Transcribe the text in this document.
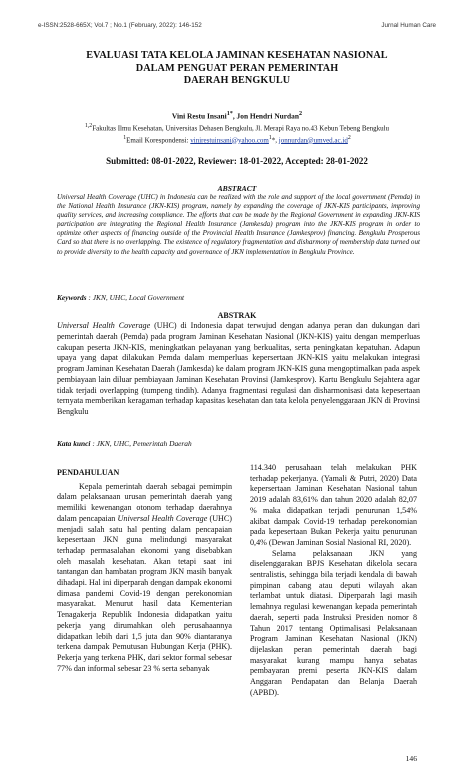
e-ISSN:2528-665X; Vol.7 ; No.1 (February, 2022): 146-152	Jurnal Human Care
EVALUASI TATA KELOLA JAMINAN KESEHATAN NASIONAL
DALAM PENGUAT PERAN PEMERINTAH
DAERAH BENGKULU
Vini Restu Insani$^{1*}$, Jon Hendri Nurdan$^2$
$^{1,2}$Fakultas Ilmu Kesehatan, Universitas Dehasen Bengkulu, Jl. Merapi Raya no.43 Kebun Tebeng Bengkulu
$^1$Email Korespondensi: vinirestuinsani@yahoo.com$^1$*, $jonnurdan@umved.ac.id^2$
Submitted: 08-01-2022, Reviewer: 18-01-2022, Accepted: 28-01-2022
ABSTRACT

Universal Health Coverage (UHC) in Indonesia can be realized with the role and support of the local government (Pemda) in the National Health Insurance (JKN-KIS) program, namely by expanding the coverage of JKN-KIS participants, improving quality services, and increasing compliance. The efforts that can be made by the Regional Government in expanding JKN-KIS participation are integrating the Regional Health Insurance (Jamkesda) program into the JKN-KIS program in order to optimize other aspects of financing outside of the Provincial Health Insurance (Jamkesprov) financing. Bengkulu Prosperous Card so that there is no overlapping. The existence of regulatory fragmentation and disharmony of membership data turned out to provide diversity to the health capacity and governance of JKN implementation in Bengkulu Province.

Keywords : JKN, UHC, Local Government
ABSTRAK

Universal Health Coverage (UHC) di Indonesia dapat terwujud dengan adanya peran dan dukungan dari pemerintah daerah (Pemda) pada program Jaminan Kesehatan Nasional (JKN-KIS) yaitu dengan memperluas cakupan peserta JKN-KIS, meningkatkan pelayanan yang berkualitas, serta peningkatan kepatuhan. Adapun upaya yang dapat dilakukan Pemda dalam memperluas kepersertaan JKN-KIS yaitu melakukan integrasi program Jaminan Kesehatan Daerah (Jamkesda) ke dalam program JKN-KIS guna mengoptimalkan pada aspek pembiayaan lain diluar pembiayaan Jaminan Kesehatan Provinsi (Jamkesprov). Kartu Bengkulu Sejahtera agar tidak terjadi overlapping (tumpeng tindih). Adanya fragmentasi regulasi dan disharmonisasi data kepesertaan ternyata memberikan keragaman terhadap kapasitas kesehatan dan tata kelola penyelenggaraan JKN di Provinsi Bengkulu

Kata kunci : JKN, UHC, Pemerintah Daerah
PENDAHULUAN

Kepala pemerintah daerah sebagai pemimpin dalam pelaksanaan urusan pemerintah daerah yang memiliki kewenangan otonom terhadap daerahnya dalam pencapaian Universal Health Coverage (UHC) menjadi salah satu hal penting dalam pencapaian kepesertaan JKN guna melindungi masyarakat terhadap permasalahan ekonomi yang disebabkan oleh masalah kesehatan. Akan tetapi saat ini tantangan dan hambatan program JKN masih banyak dihadapi. Hal ini diperparah dengan dampak ekonomi dimasa pandemi Covid-19 dengan perekonomian masyarakat. Menurut hasil data Kementerian Tenagakerja Republik Indonesia didapatkan yaitu pekerja yang dirumahkan oleh perusahaannya didapatkan lebih dari 1,5 juta dan 90% diantaranya terkena dampak Pemutusan Hubungan Kerja (PHK). Pekerja yang terkena PHK, dari sektor formal sebesar 77% dan informal sebesar 23 % serta sebanyak

114.340 perusahaan telah melakukan PHK terhadap pekerjanya. (Yamali & Putri, 2020) Data kepersertaan Jaminan Kesehatan Nasional tahun 2019 adalah 83,61% dan tahun 2020 adalah 82,07 % maka didapatkan terjadi penurunan 1,54% akibat dampak Covid-19 terhadap perekonomian pada kepesertaan Bukan Pekerja yaitu penurunan 0,4% (Dewan Jaminan Sosial Nasional RI, 2020).

Selama pelaksanaan JKN yang diselenggarakan BPJS Kesehatan dikelola secara sentralistis, sehingga bila terjadi kendala di bawah pimpinan cabang atau deputi wilayah akan terlambat untuk diatasi. Diperparah lagi masih lemahnya regulasi kewenangan kepada pemerintah daerah, seperti pada Instruksi Presiden nomor 8 Tahun 2017 tentang Optimalisasi Pelaksanaan Program Jaminan Kesehatan Nasional (JKN) dijelaskan peran pemerintah daerah bagi masyarakat kurang mampu hanya sebatas pembayaran premi peserta JKN-KIS dalam Anggaran Pendapatan dan Belanja Daerah (APBD).

146
